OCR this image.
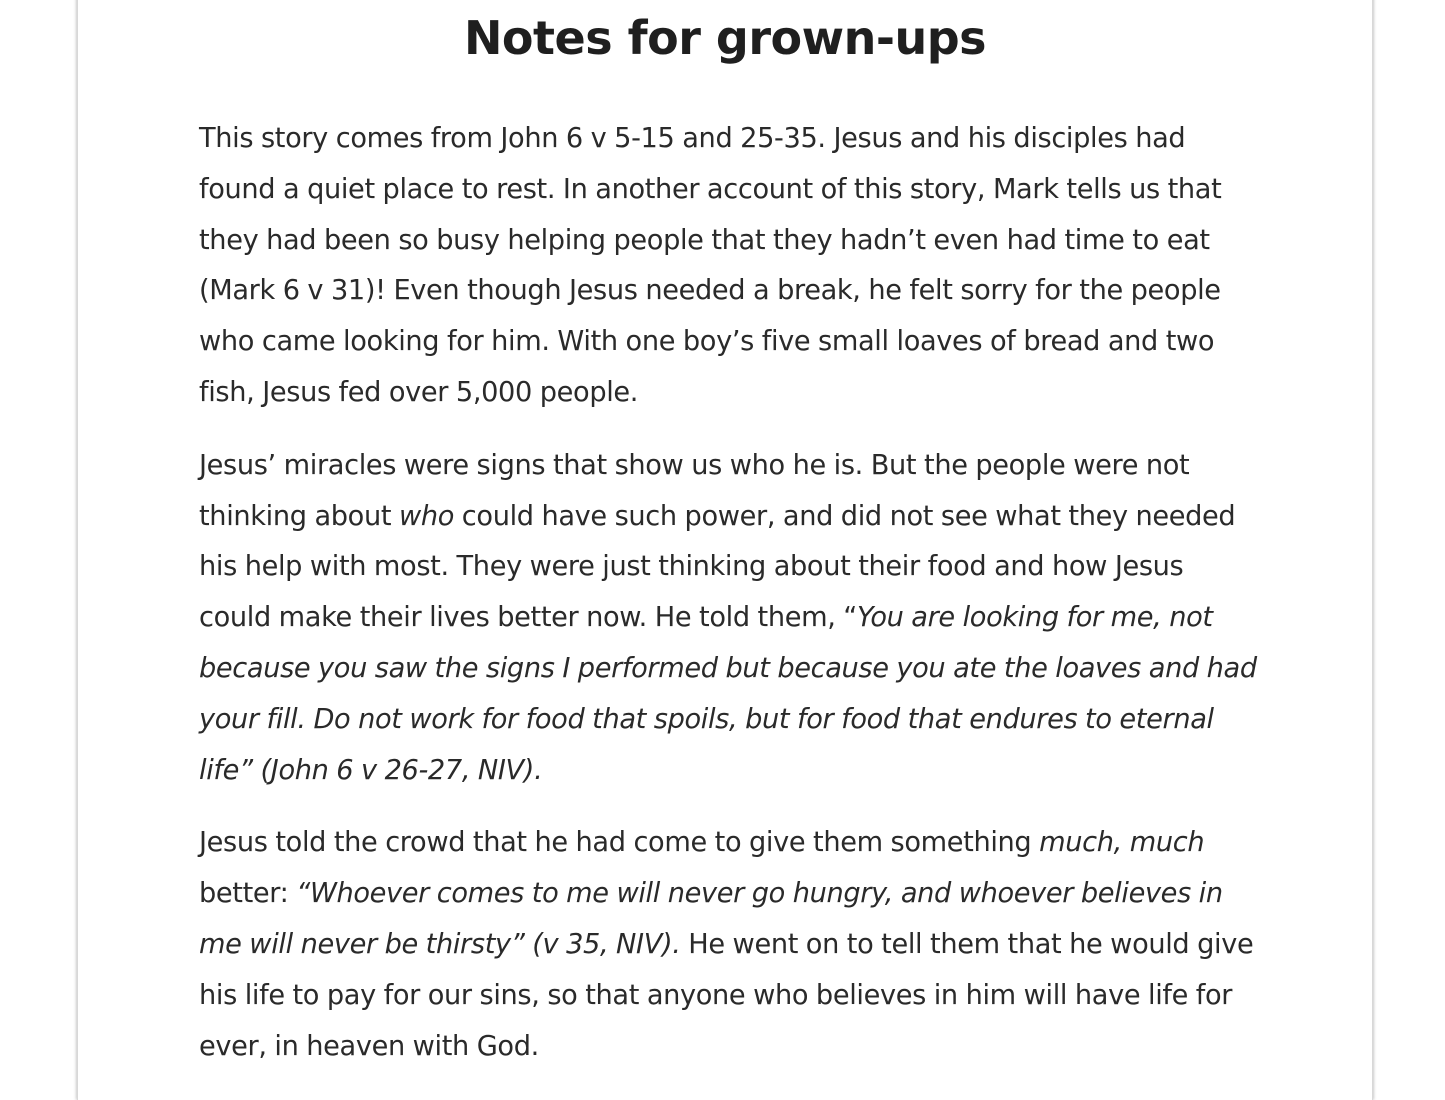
Notes for grown-ups

This story comes from John 6 v 5-15 and 25-35. Jesus and his disciples had found a quiet place to rest. In another account of this story, Mark tells us that they had been so busy helping people that they hadn’t even had time to eat (Mark 6 v 31)! Even though Jesus needed a break, he felt sorry for the people who came looking for him. With one boy’s five small loaves of bread and two fish, Jesus fed over 5,000 people.

Jesus’ miracles were signs that show us who he is. But the people were not thinking about who could have such power, and did not see what they needed his help with most. They were just thinking about their food and how Jesus could make their lives better now. He told them, “You are looking for me, not because you saw the signs I performed but because you ate the loaves and had your fill. Do not work for food that spoils, but for food that endures to eternal life” (John 6 v 26-27, NIV).

Jesus told the crowd that he had come to give them something much, much better: “Whoever comes to me will never go hungry, and whoever believes in me will never be thirsty” (v 35, NIV). He went on to tell them that he would give his life to pay for our sins, so that anyone who believes in him will have life for ever, in heaven with God.
